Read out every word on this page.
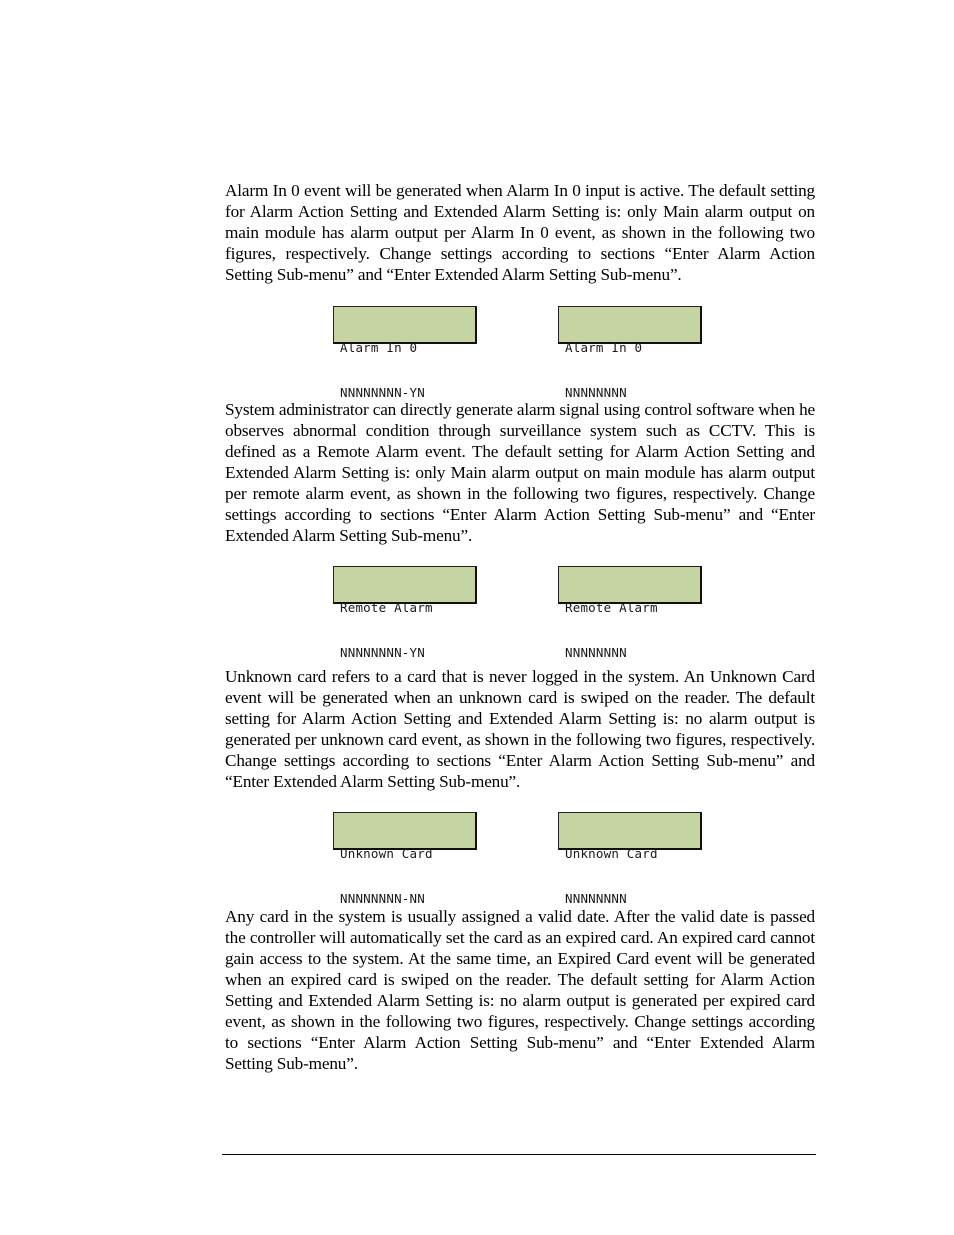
Alarm In 0 event will be generated when Alarm In 0 input is active. The default setting for Alarm Action Setting and Extended Alarm Setting is: only Main alarm output on main module has alarm output per Alarm In 0 event, as shown in the following two figures, respectively. Change settings according to sections “Enter Alarm Action Setting Sub-menu” and “Enter Extended Alarm Setting Sub-menu”.

Alarm In 0

NNNNNNNN-YN

Alarm In 0

NNNNNNNN

System administrator can directly generate alarm signal using control software when he observes abnormal condition through surveillance system such as CCTV. This is defined as a Remote Alarm event. The default setting for Alarm Action Setting and Extended Alarm Setting is: only Main alarm output on main module has alarm output per remote alarm event, as shown in the following two figures, respectively. Change settings according to sections “Enter Alarm Action Setting Sub-menu” and “Enter Extended Alarm Setting Sub-menu”.

Remote Alarm

NNNNNNNN-YN

Remote Alarm

NNNNNNNN

Unknown card refers to a card that is never logged in the system. An Unknown Card event will be generated when an unknown card is swiped on the reader. The default setting for Alarm Action Setting and Extended Alarm Setting is: no alarm output is generated per unknown card event, as shown in the following two figures, respectively. Change settings according to sections “Enter Alarm Action Setting Sub-menu” and “Enter Extended Alarm Setting Sub-menu”.

Unknown Card

NNNNNNNN-NN

Unknown Card

NNNNNNNN

Any card in the system is usually assigned a valid date. After the valid date is passed the controller will automatically set the card as an expired card. An expired card cannot gain access to the system. At the same time, an Expired Card event will be generated when an expired card is swiped on the reader. The default setting for Alarm Action Setting and Extended Alarm Setting is: no alarm output is generated per expired card event, as shown in the following two figures, respectively. Change settings according to sections “Enter Alarm Action Setting Sub-menu” and “Enter Extended Alarm Setting Sub-menu”.
